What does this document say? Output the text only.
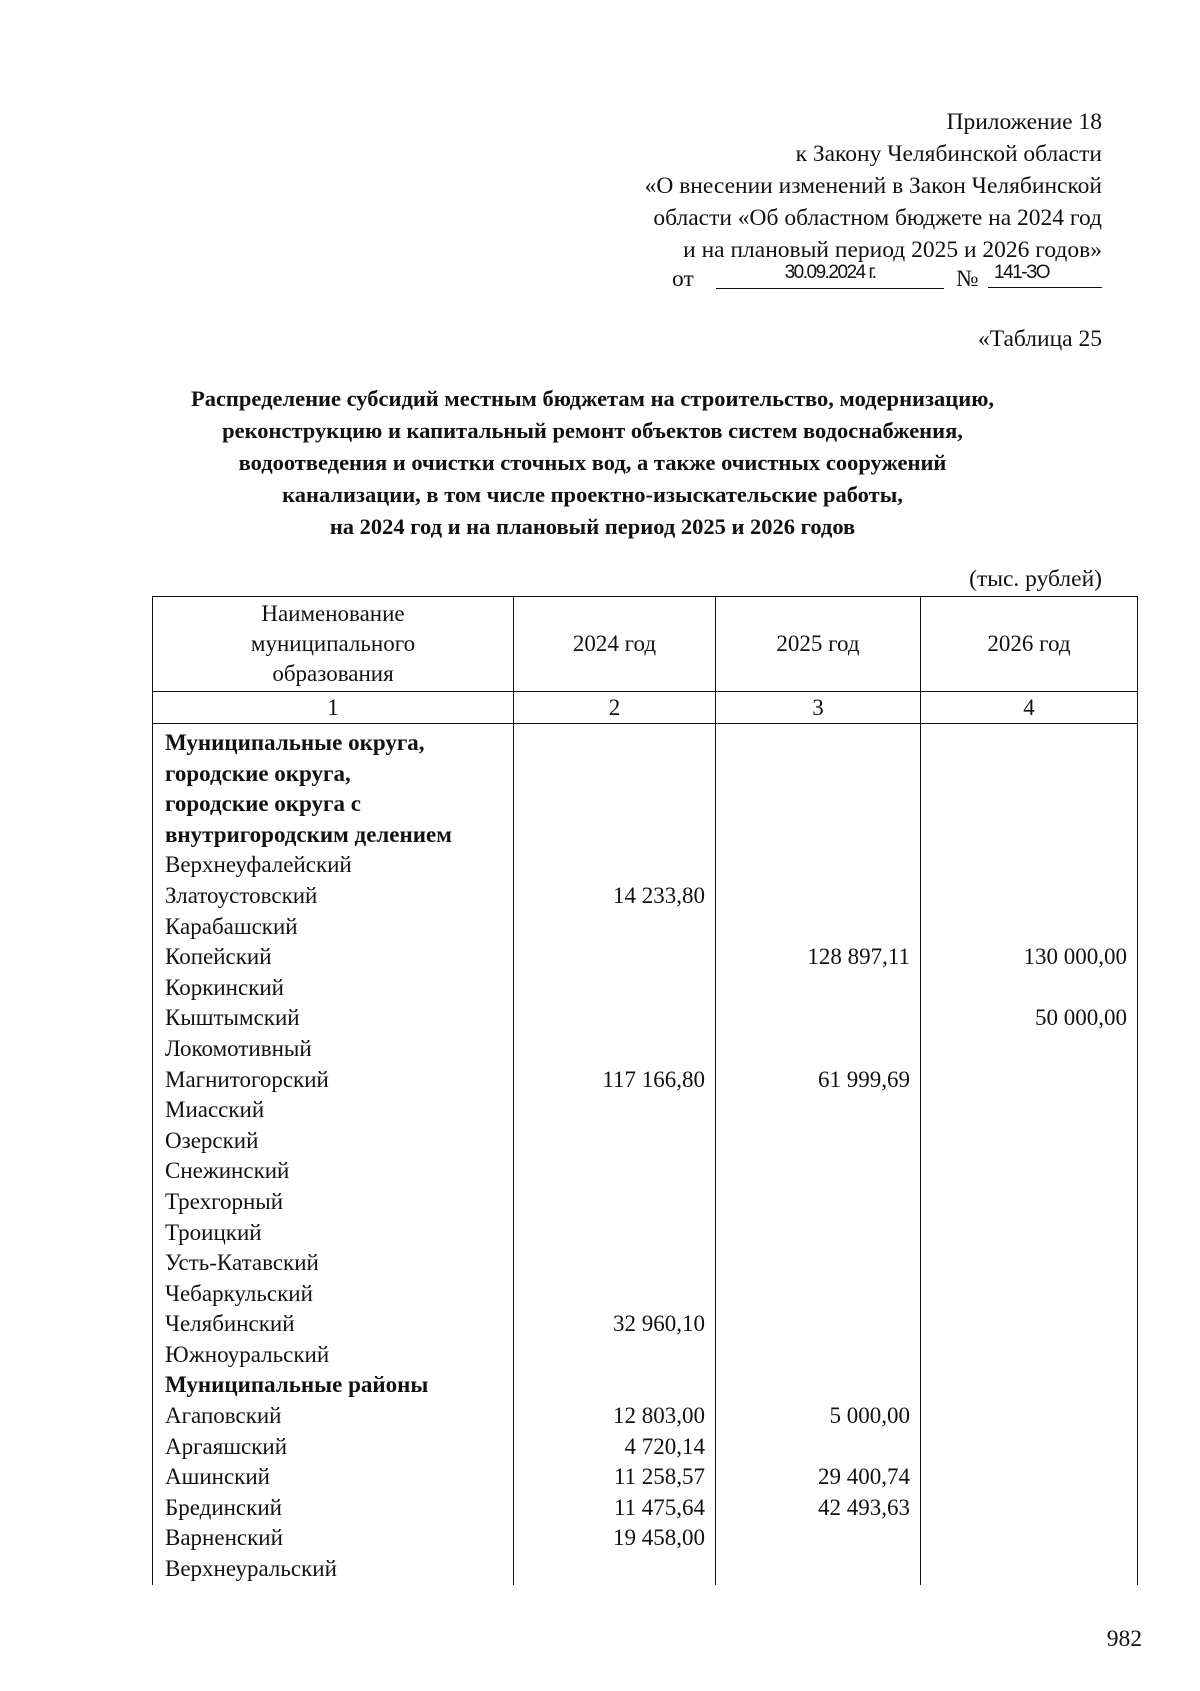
Приложение 18
к Закону Челябинской области
«О внесении изменений в Закон Челябинской
области «Об областном бюджете на 2024 год
и на плановый период 2025 и 2026 годов»
от	30.09.2024 г.	№ 141-ЗО
«Таблица 25
Распределение субсидий местным бюджетам на строительство, модернизацию,
реконструкцию и капитальный ремонт объектов систем водоснабжения,
водоотведения и очистки сточных вод, а также очистных сооружений
канализации, в том числе проектно-изыскательские работы,
на 2024 год и на плановый период 2025 и 2026 годов
(тыс. рублей)
Наименование
муниципального
образования	2024 год	2025 год	2026 год
1	2	3	4
Муниципальные округа,			
городские округа,			
городские округа с			
внутригородским делением			
Верхнеуфалейский			
Златоустовский	14 233,80		
Карабашский			
Копейский		128 897,11	130 000,00
Коркинский			
Кыштымский			50 000,00
Локомотивный			
Магнитогорский	117 166,80	61 999,69	
Миасский			
Озерский			
Снежинский			
Трехгорный			
Троицкий			
Усть-Катавский			
Чебаркульский			
Челябинский	32 960,10		
Южноуральский			
Муниципальные районы			
Агаповский	12 803,00	5 000,00	
Аргаяшский	4 720,14		
Ашинский	11 258,57	29 400,74	
Брединский	11 475,64	42 493,63	
Варненский	19 458,00		
Верхнеуральский			
982
